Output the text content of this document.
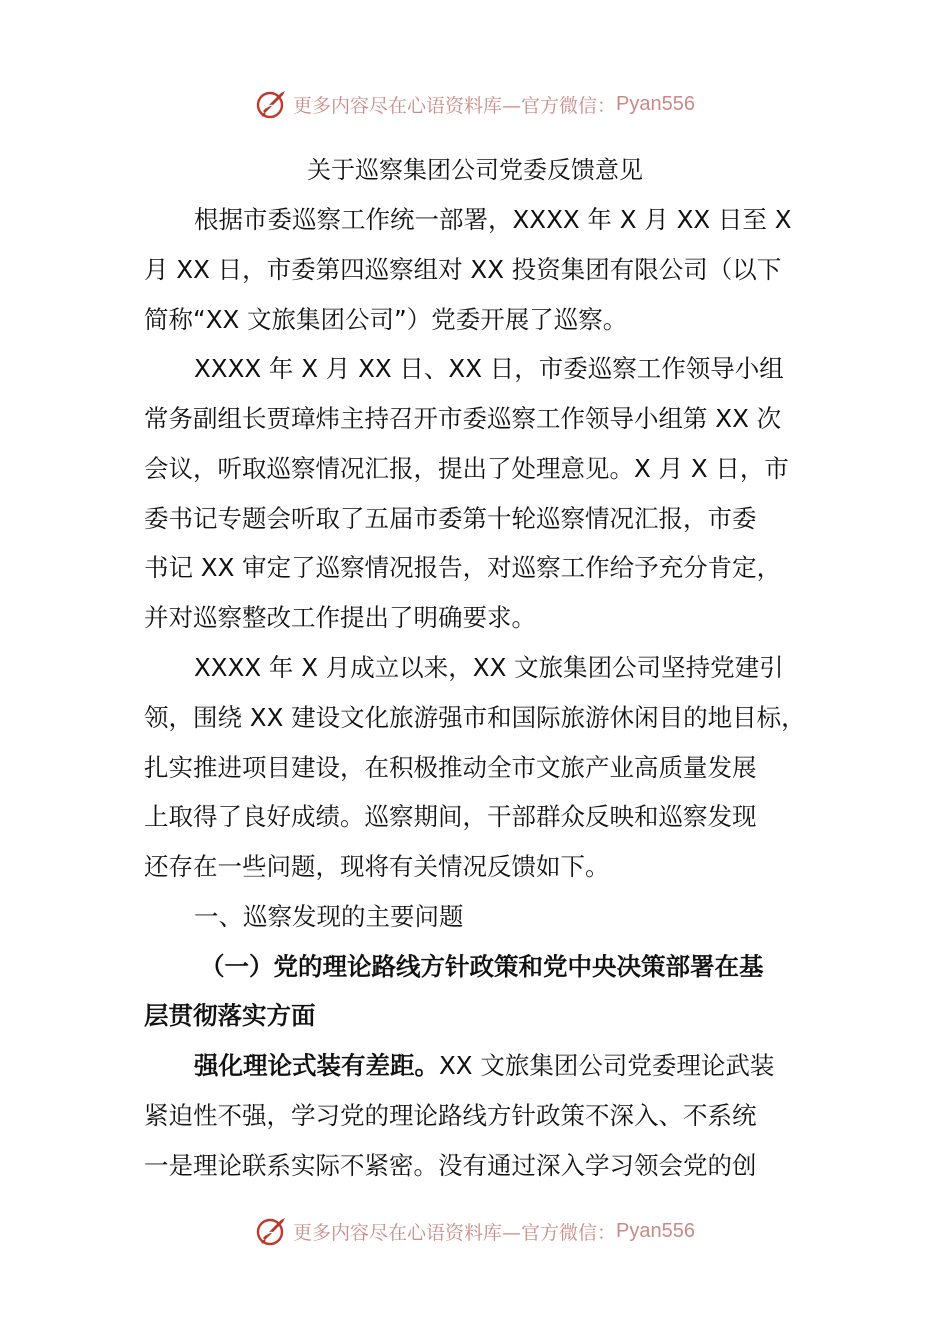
更多内容尽在心语资料库—官方微信： Pyan556
关于巡察集团公司党委反馈意见
根据市委巡察工作统一部署，XXXX 年 X 月 XX 日至 X
月 XX 日，市委第四巡察组对 XX 投资集团有限公司（以下
简称“XX 文旅集团公司”）党委开展了巡察。
XXXX 年 X 月 XX 日、XX 日，市委巡察工作领导小组
常务副组长贾璋炜主持召开市委巡察工作领导小组第 XX 次
会议，听取巡察情况汇报，提出了处理意见。X 月 X 日，市
委书记专题会听取了五届市委第十轮巡察情况汇报，市委
书记 XX 审定了巡察情况报告，对巡察工作给予充分肯定，
并对巡察整改工作提出了明确要求。
XXXX 年 X 月成立以来，XX 文旅集团公司坚持党建引
领，围绕 XX 建设文化旅游强市和国际旅游休闲目的地目标，
扎实推进项目建设，在积极推动全市文旅产业高质量发展
上取得了良好成绩。巡察期间，干部群众反映和巡察发现
还存在一些问题，现将有关情况反馈如下。
一、巡察发现的主要问题
（一）党的理论路线方针政策和党中央决策部署在基
层贯彻落实方面
强化理论式装有差距。XX 文旅集团公司党委理论武装
紧迫性不强，学习党的理论路线方针政策不深入、不系统
一是理论联系实际不紧密。没有通过深入学习领会党的创
更多内容尽在心语资料库—官方微信： Pyan556
